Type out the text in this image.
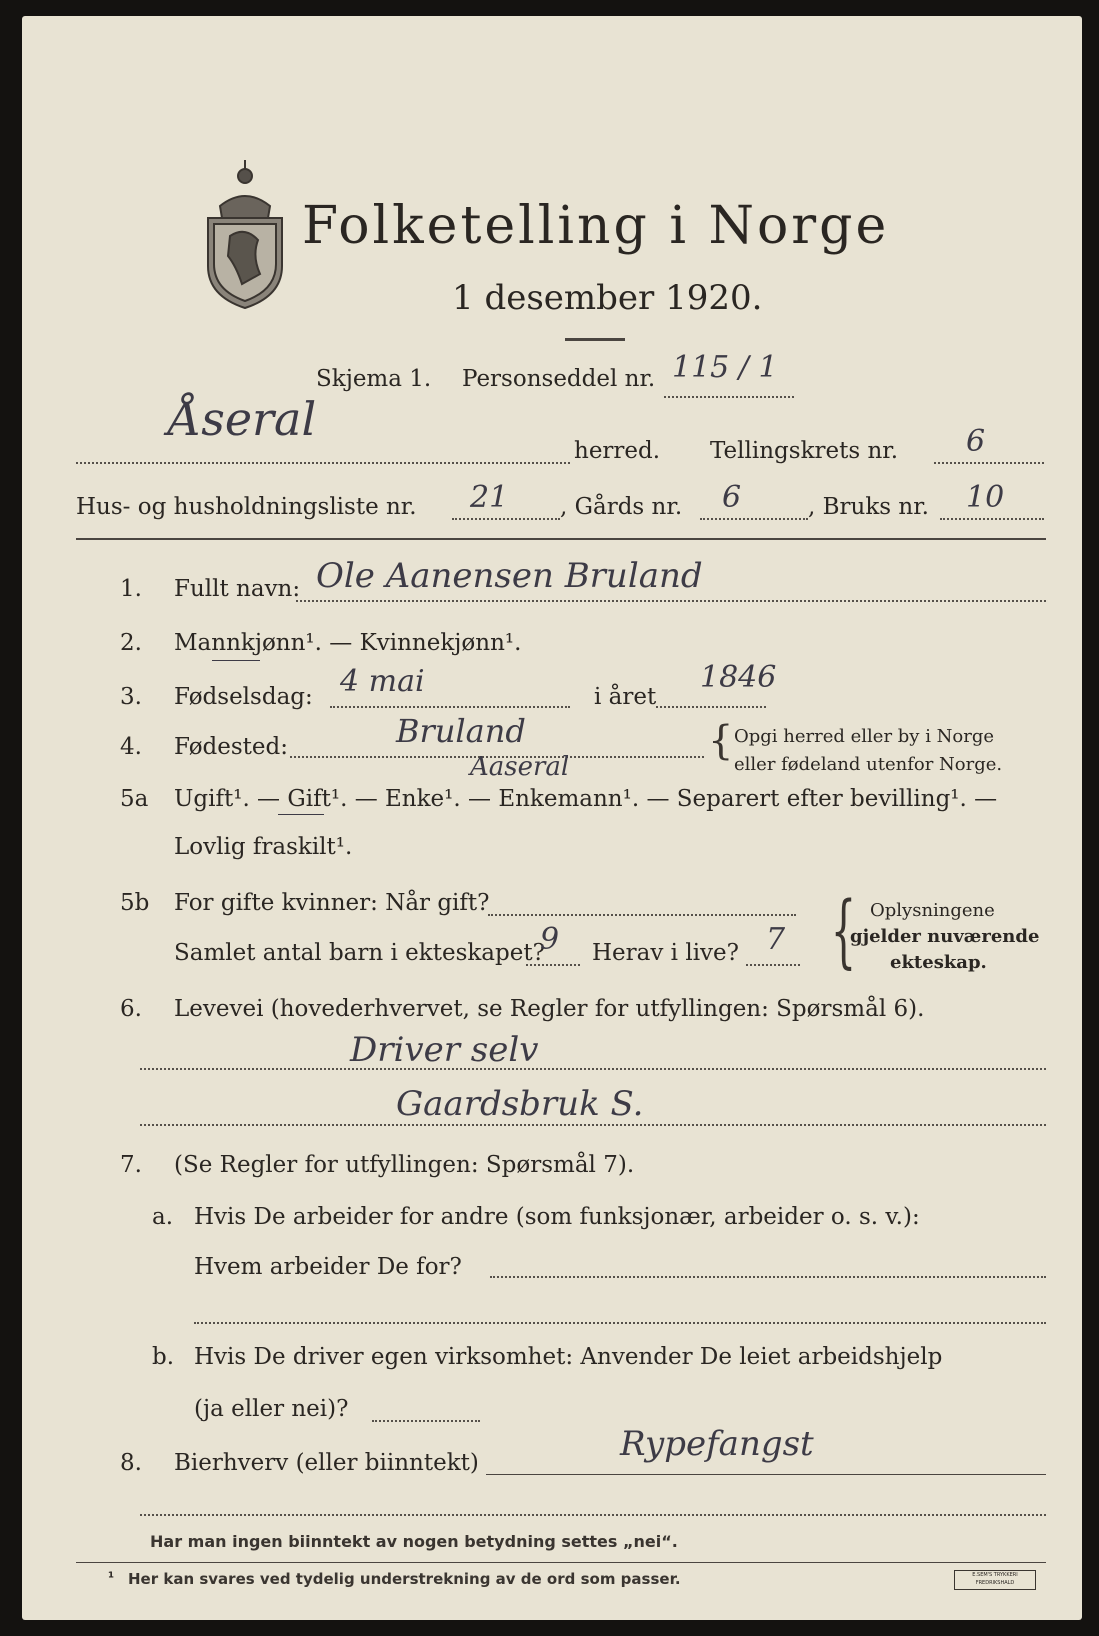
Folketelling i Norge
1 desember 1920.
Skjema 1. Personseddel nr. 115 / 1
Åseral
herred. Tellingskrets nr. 6
Hus- og husholdningsliste nr. 21 , Gårds nr. 6	, Bruks nr. 10
1. Fullt navn: Ole Aanensen Bruland
2. Mannkjønn¹. — Kvinnekjønn¹.
3. Fødselsdag: 4 mai	i året
1846
4. Fødested:	Bruland	{ Opgi herred eller by i Norge
eller fødeland utenfor Norge.
Aaseral
5a Ugift¹. — Gift¹. — Enke¹. — Enkemann¹. — Separert efter bevilling¹. —
Lovlig fraskilt¹.
5b For gifte kvinner: Når gift?
Samlet antal barn i ekteskapet?
9 Herav i live? 7 { Oplysningene
gjelder nuværende
ekteskap.
6. Levevei (hovederhvervet, se Regler for utfyllingen: Spørsmål 6).
Driver selv
Gaardsbruk S.
7. (Se Regler for utfyllingen: Spørsmål 7).
a. Hvis De arbeider for andre (som funksjonær, arbeider o. s. v.):
Hvem arbeider De for?
b. Hvis De driver egen virksomhet: Anvender De leiet arbeidshjelp
(ja eller nei)?
8. Bierhverv (eller biinntekt)	Rypefangst
Har man ingen biinntekt av nogen betydning settes „nei“.
¹ Her kan svares ved tydelig understrekning av de ord som passer.	E.SEM'S TRYKKERI FREDRIKSHALD
